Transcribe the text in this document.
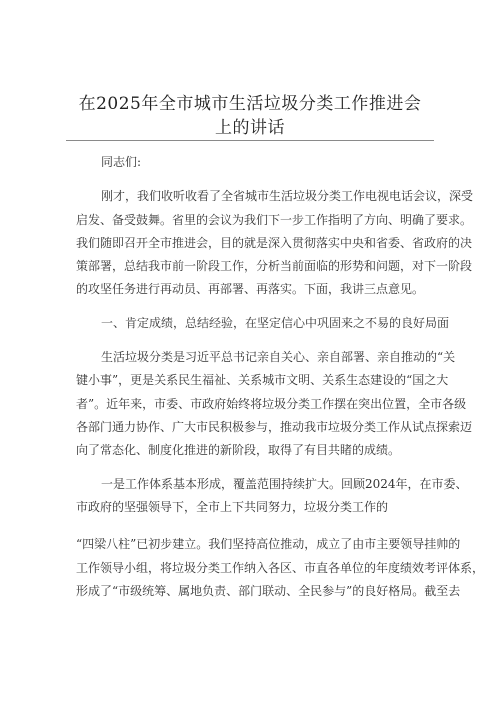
在2025年全市城市生活垃圾分类工作推进会
上的讲话
同志们:
刚才，我们收听收看了全省城市生活垃圾分类工作电视电话会议，深受
启发、备受鼓舞。省里的会议为我们下一步工作指明了方向、明确了要求。
我们随即召开全市推进会，目的就是深入贯彻落实中央和省委、省政府的决
策部署，总结我市前一阶段工作，分析当前面临的形势和问题，对下一阶段
的攻坚任务进行再动员、再部署、再落实。下面，我讲三点意见。
一、肯定成绩，总结经验，在坚定信心中巩固来之不易的良好局面
生活垃圾分类是习近平总书记亲自关心、亲自部署、亲自推动的“关
键小事”，更是关系民生福祉、关系城市文明、关系生态建设的“国之大
者”。近年来，市委、市政府始终将垃圾分类工作摆在突出位置，全市各级
各部门通力协作、广大市民积极参与，推动我市垃圾分类工作从试点探索迈
向了常态化、制度化推进的新阶段，取得了有目共睹的成绩。
一是工作体系基本形成，覆盖范围持续扩大。回顾2024年，在市委、
市政府的坚强领导下，全市上下共同努力，垃圾分类工作的
“四梁八柱”已初步建立。我们坚持高位推动，成立了由市主要领导挂帅的
工作领导小组，将垃圾分类工作纳入各区、市直各单位的年度绩效考评体系，
形成了“市级统筹、属地负责、部门联动、全民参与”的良好格局。截至去
